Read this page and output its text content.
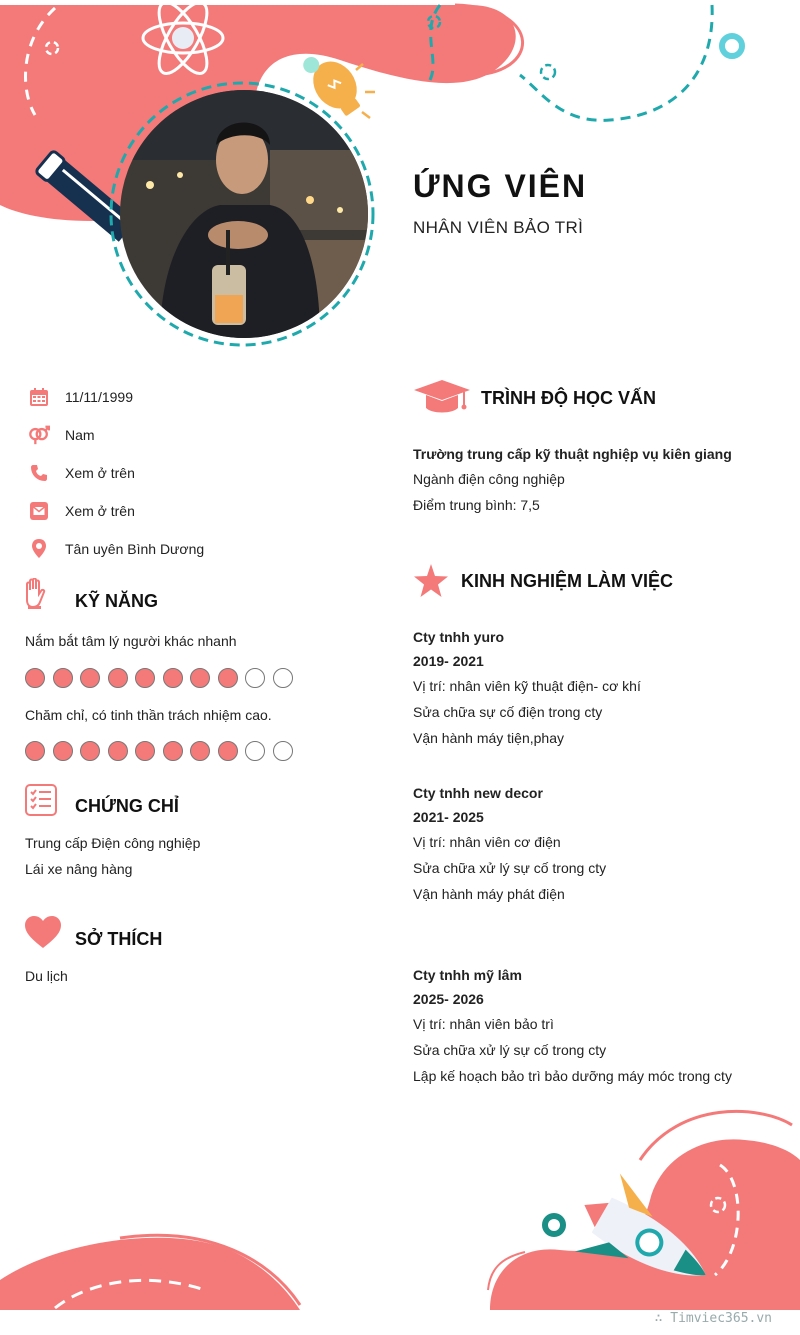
ỨNG VIÊN
NHÂN VIÊN BẢO TRÌ
11/11/1999
Nam
Xem ở trên
Xem ở trên
Tân uyên Bình Dương
KỸ NĂNG
Nắm bắt tâm lý người khác nhanh
Chăm chỉ, có tinh thần trách nhiệm cao.
CHỨNG CHỈ
Trung cấp Điện công nghiệp
Lái xe nâng hàng
SỞ THÍCH
Du lịch
TRÌNH ĐỘ HỌC VẤN
Trường trung cấp kỹ thuật nghiệp vụ kiên giang
Ngành điện công nghiệp
Điểm trung bình: 7,5
KINH NGHIỆM LÀM VIỆC
Cty tnhh yuro
2019- 2021
Vị trí: nhân viên kỹ thuật điện- cơ khí
Sửa chữa sự cố điện trong cty
Vận hành máy tiện,phay
Cty tnhh new decor
2021- 2025
Vị trí: nhân viên cơ điện
Sửa chữa xử lý sự cố trong cty
Vận hành máy phát điện
Cty tnhh mỹ lâm
2025- 2026
Vị trí: nhân viên bảo trì
Sửa chữa xử lý sự cố trong cty
Lập kế hoạch bảo trì bảo dưỡng máy móc trong cty
∴ Timviec365.vn
